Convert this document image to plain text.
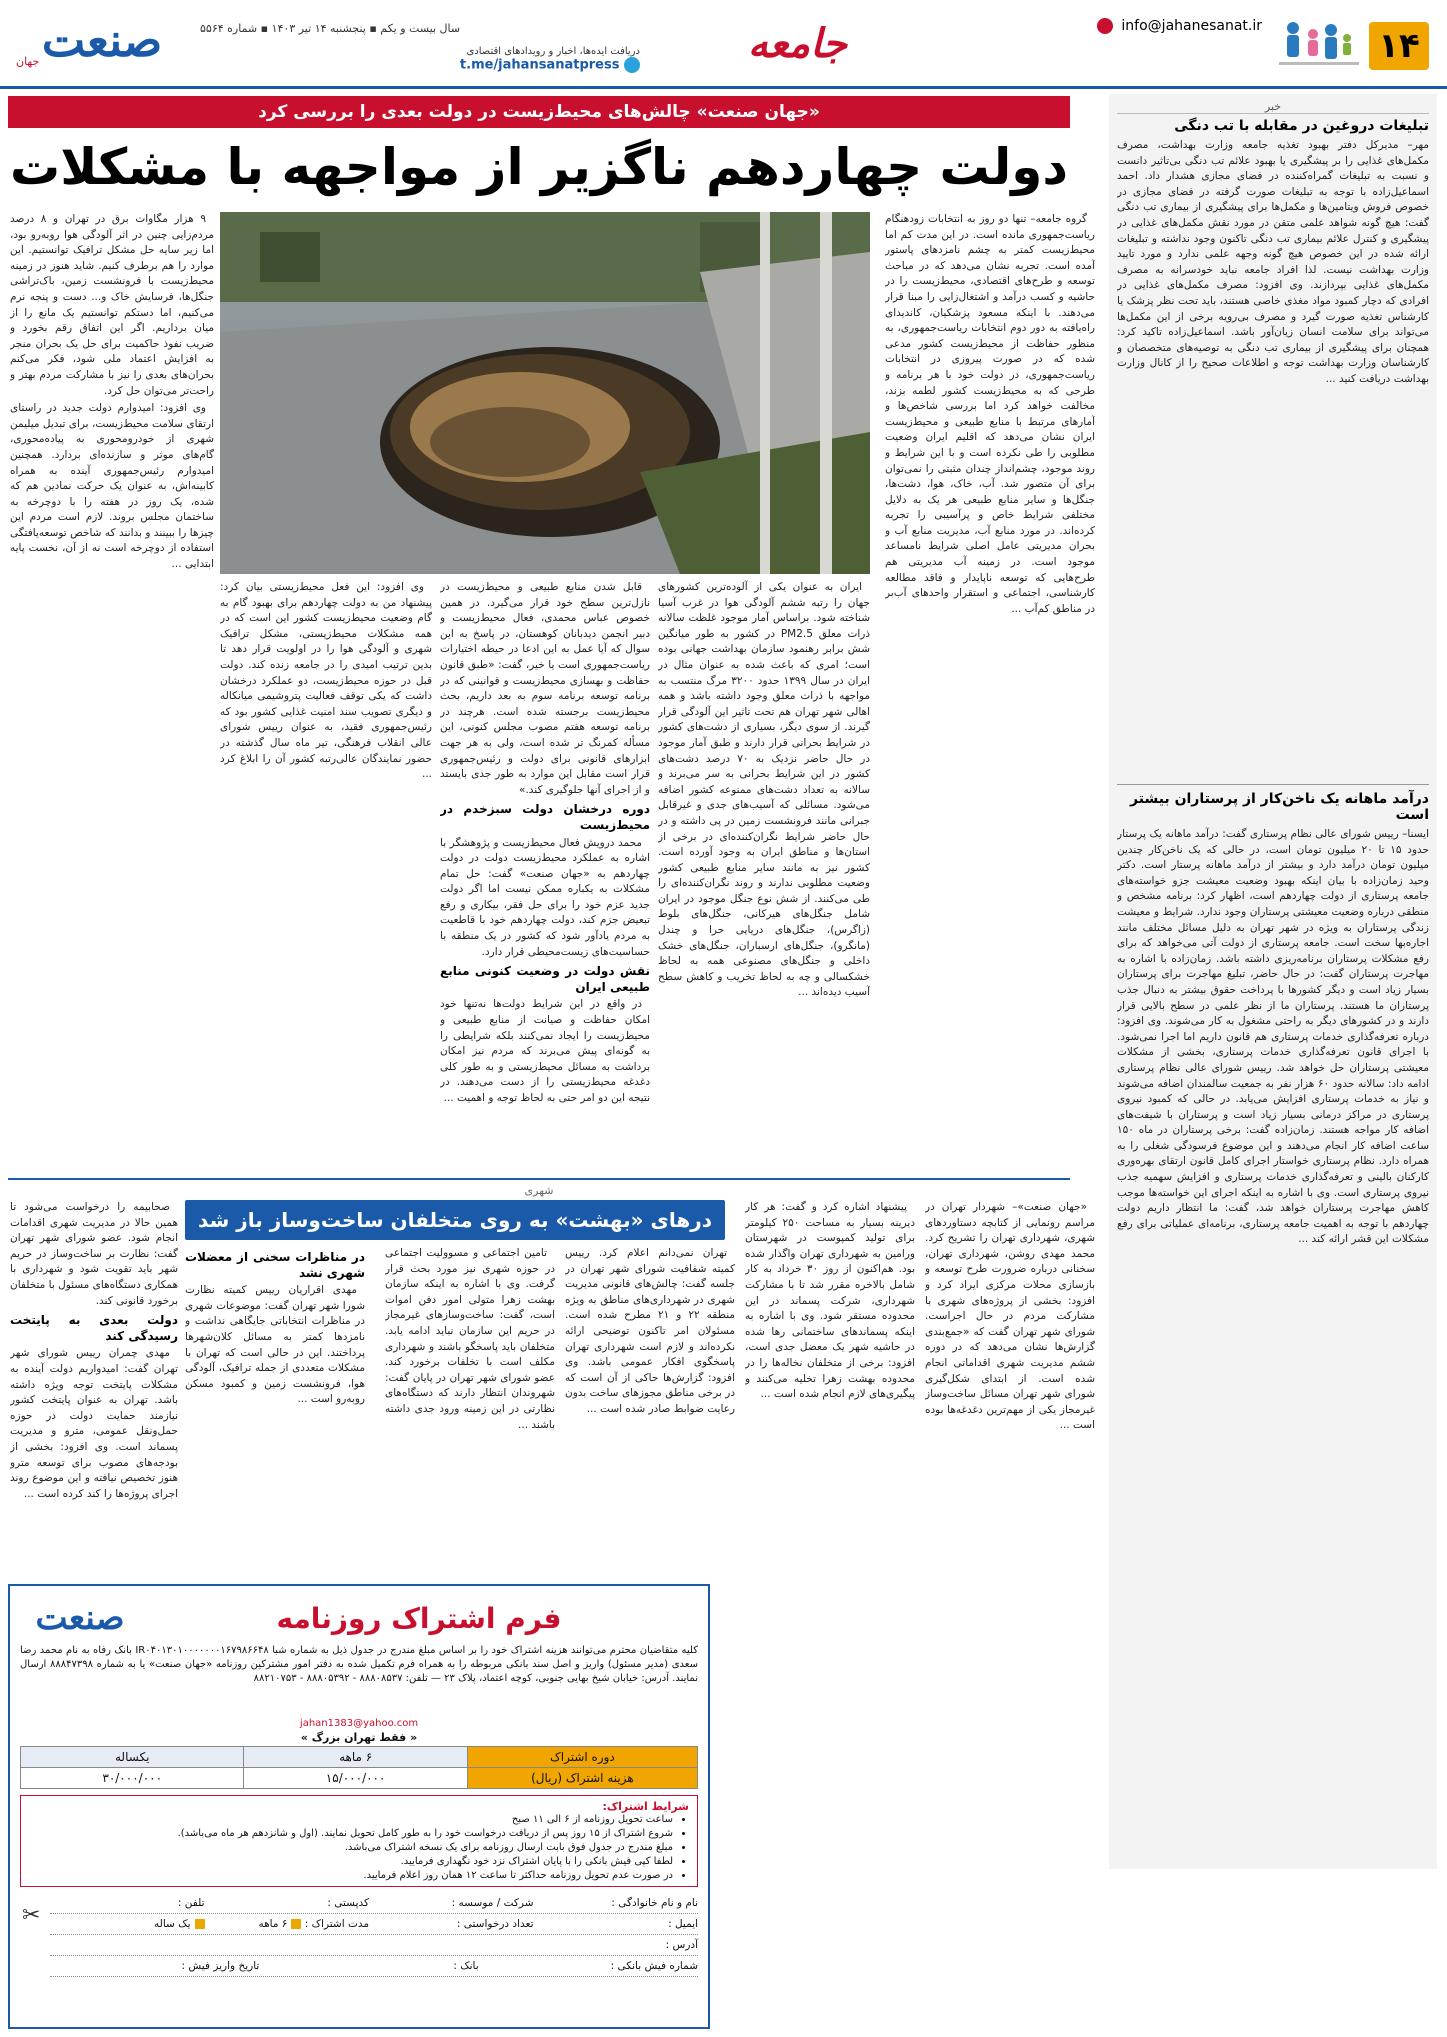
۱۴
info@jahanesanat.ir
جامعه
دریافت ایده‌ها، اخبار و رویدادهای اقتصادی
t.me/jahansanatpress
سال بیست و یکم ▪ پنجشنبه ۱۴ تیر ۱۴۰۳ ▪ شماره ۵۵۶۴
صنعت
جهان
خبر
تبلیغات دروغین در مقابله با تب دنگی
مهر– مدیرکل دفتر بهبود تغذیه جامعه وزارت بهداشت، مصرف مکمل‌های غذایی را بر پیشگیری یا بهبود علائم تب دنگی بی‌تاثیر دانست و نسبت به تبلیغات گمراه‌کننده در فضای مجازی هشدار داد. احمد اسماعیل‌زاده با توجه به تبلیغات صورت گرفته در فضای مجازی در خصوص فروش ویتامین‌ها و مکمل‌ها برای پیشگیری از بیماری تب دنگی گفت: هیچ گونه شواهد علمی متقن در مورد نقش مکمل‌های غذایی در پیشگیری و کنترل علائم بیماری تب دنگی تاکنون وجود نداشته و تبلیغات ارائه شده در این خصوص هیچ گونه وجهه علمی ندارد و مورد تایید وزارت بهداشت نیست. لذا افراد جامعه نباید خودسرانه به مصرف مکمل‌های غذایی بپردازند. وی افزود: مصرف مکمل‌های غذایی در افرادی که دچار کمبود مواد مغذی خاصی هستند، باید تحت نظر پزشک یا کارشناس تغذیه صورت گیرد و مصرف بی‌رویه برخی از این مکمل‌ها می‌تواند برای سلامت انسان زیان‌آور باشد. اسماعیل‌زاده تاکید کرد: همچنان برای پیشگیری از بیماری تب دنگی به توصیه‌های متخصصان و کارشناسان وزارت بهداشت توجه و اطلاعات صحیح را از کانال وزارت بهداشت دریافت کنید ...
درآمد ماهانه یک ناخن‌کار از پرستاران بیشتر است
ایسنا– رییس شورای عالی نظام پرستاری گفت: درآمد ماهانه یک پرستار حدود ۱۵ تا ۲۰ میلیون تومان است، در حالی که یک ناخن‌کار چندین میلیون تومان درآمد دارد و بیشتر از درآمد ماهانه پرستار است. دکتر وحید زمان‌زاده با بیان اینکه بهبود وضعیت معیشت جزو خواسته‌های جامعه پرستاری از دولت چهاردهم است، اظهار کرد: برنامه مشخص و منطقی درباره وضعیت معیشتی پرستاران وجود ندارد. شرایط و معیشت زندگی پرستاران به ویژه در شهر تهران به دلیل مسائل مختلف مانند اجاره‌بها سخت است. جامعه پرستاری از دولت آتی می‌خواهد که برای رفع مشکلات پرستاران برنامه‌ریزی داشته باشد. زمان‌زاده با اشاره به مهاجرت پرستاران گفت: در حال حاضر، تبلیغ مهاجرت برای پرستاران بسیار زیاد است و دیگر کشورها با پرداخت حقوق بیشتر به دنبال جذب پرستاران ما هستند. پرستاران ما از نظر علمی در سطح بالایی قرار دارند و در کشورهای دیگر به راحتی مشغول به کار می‌شوند. وی افزود: درباره تعرفه‌گذاری خدمات پرستاری هم قانون داریم اما اجرا نمی‌شود. با اجرای قانون تعرفه‌گذاری خدمات پرستاری، بخشی از مشکلات معیشتی پرستاران حل خواهد شد. رییس شورای عالی نظام پرستاری ادامه داد: سالانه حدود ۶۰ هزار نفر به جمعیت سالمندان اضافه می‌شوند و نیاز به خدمات پرستاری افزایش می‌یابد. در حالی که کمبود نیروی پرستاری در مراکز درمانی بسیار زیاد است و پرستاران با شیفت‌های اضافه کار مواجه هستند. زمان‌زاده گفت: برخی پرستاران در ماه ۱۵۰ ساعت اضافه کار انجام می‌دهند و این موضوع فرسودگی شغلی را به همراه دارد. نظام پرستاری خواستار اجرای کامل قانون ارتقای بهره‌وری کارکنان بالینی و تعرفه‌گذاری خدمات پرستاری و افزایش سهمیه جذب نیروی پرستاری است. وی با اشاره به اینکه اجرای این خواسته‌ها موجب کاهش مهاجرت پرستاران خواهد شد، گفت: ما انتظار داریم دولت چهاردهم با توجه به اهمیت جامعه پرستاری، برنامه‌ای عملیاتی برای رفع مشکلات این قشر ارائه کند ...
«جهان صنعت» چالش‌های محیط‌زیست در دولت بعدی را بررسی کرد
دولت چهاردهم ناگزیر از مواجهه با مشکلات

گروه جامعه– تنها دو روز به انتخابات زودهنگام ریاست‌جمهوری مانده است. در این مدت کم اما محیط‌زیست کمتر به چشم نامزدهای پاستور آمده است. تجربه نشان می‌دهد که در مباحث توسعه و طرح‌های اقتصادی، محیط‌زیست را در حاشیه و کسب درآمد و اشتغال‌زایی را مبنا قرار می‌دهند. با اینکه مسعود پزشکیان، کاندیدای راه‌یافته به دور دوم انتخابات ریاست‌جمهوری، به منظور حفاظت از محیط‌زیست کشور مدعی شده که در صورت پیروزی در انتخابات ریاست‌جمهوری، در دولت خود با هر برنامه و طرحی که به محیط‌زیست کشور لطمه بزند، مخالفت خواهد کرد اما بررسی شاخص‌ها و آمارهای مرتبط با منابع طبیعی و محیط‌زیست ایران نشان می‌دهد که اقلیم ایران وضعیت مطلوبی را طی نکرده است و با این شرایط و روند موجود، چشم‌انداز چندان مثبتی را نمی‌توان برای آن متصور شد. آب، خاک، هوا، دشت‌ها، جنگل‌ها و سایر منابع طبیعی هر یک به دلایل مختلفی شرایط خاص و پرآسیبی را تجربه کرده‌اند. در مورد منابع آب، مدیریت منابع آب و بحران مدیریتی عامل اصلی شرایط نامساعد موجود است. در زمینه آب مدیریتی هم طرح‌هایی که توسعه ناپایدار و فاقد مطالعه کارشناسی، اجتماعی و استقرار واحدهای آب‌بر در مناطق کم‌آب ...

ایران به عنوان یکی از آلوده‌ترین کشورهای جهان را رتبه ششم آلودگی هوا در غرب آسیا شناخته شود. براساس آمار موجود غلظت سالانه ذرات معلق PM2.5 در کشور به طور میانگین شش برابر رهنمود سازمان بهداشت جهانی بوده است؛ امری که باعث شده به عنوان مثال در ایران در سال ۱۳۹۹ حدود ۳۲۰۰ مرگ منتسب به مواجهه با ذرات معلق وجود داشته باشد و همه اهالی شهر تهران هم تحت تاثیر این آلودگی قرار گیرند. از سوی دیگر، بسیاری از دشت‌های کشور در شرایط بحرانی قرار دارند و طبق آمار موجود در حال حاضر نزدیک به ۷۰ درصد دشت‌های کشور در این شرایط بحرانی به سر می‌برند و سالانه به تعداد دشت‌های ممنوعه کشور اضافه می‌شود. مسائلی که آسیب‌های جدی و غیرقابل جبرانی مانند فرونشست زمین در پی داشته و در حال حاضر شرایط نگران‌کننده‌ای در برخی از استان‌ها و مناطق ایران به وجود آورده است. کشور نیز به مانند سایر منابع طبیعی کشور وضعیت مطلوبی ندارند و روند نگران‌کننده‌ای را طی می‌کنند. از شش نوع جنگل موجود در ایران شامل جنگل‌های هیرکانی، جنگل‌های بلوط (زاگرس)، جنگل‌های دریایی حرا و چندل (مانگرو)، جنگل‌های ارسباران، جنگل‌های خشک داخلی و جنگل‌های مصنوعی همه به لحاظ خشکسالی و چه به لحاظ تخریب و کاهش سطح آسیب دیده‌اند ...

قابل شدن منابع طبیعی و محیط‌زیست در نازل‌ترین سطح خود قرار می‌گیرد. در همین خصوص عباس محمدی، فعال محیط‌زیست و دبیر انجمن دیدبانان کوهستان، در پاسخ به این سوال که آیا عمل به این ادعا در حیطه اختیارات ریاست‌جمهوری است یا خیر، گفت: «طبق قانون حفاظت و بهسازی محیط‌زیست و قوانینی که در برنامه توسعه برنامه سوم به بعد داریم، بحث محیط‌زیست برجسته شده است. هرچند در برنامه توسعه هفتم مصوب مجلس کنونی، این مسأله کمرنگ تر شده است، ولی به هر جهت ابزارهای قانونی برای دولت و رئیس‌جمهوری قرار است مقابل این موارد به طور جدی بایستد و از اجرای آنها جلوگیری کند.»

دوره درخشان دولت سبزخدم در محیط‌زیست

محمد درویش فعال محیط‌زیست و پژوهشگر با اشاره به عملکرد محیط‌زیست دولت در دولت چهاردهم به «جهان صنعت» گفت: حل تمام مشکلات به یکباره ممکن نیست اما اگر دولت جدید عزم خود را برای حل فقر، بیکاری و رفع تبعیض جزم کند، دولت چهاردهم خود با قاطعیت به مردم یادآور شود که کشور در یک منطقه با حساسیت‌های زیست‌محیطی قرار دارد.

نقش دولت در وضعیت کنونی منابع طبیعی ایران

در واقع در این شرایط دولت‌ها نه‌تنها خود امکان حفاظت و صیانت از منابع طبیعی و محیط‌زیست را ایجاد نمی‌کنند بلکه شرایطی را به گونه‌ای پیش می‌برند که مردم نیز امکان برداشت به مسائل محیط‌زیستی و به طور کلی دغدغه محیط‌زیستی را از دست می‌دهند. در نتیجه این دو امر حتی به لحاظ توجه و اهمیت ...

وی افزود: این فعل محیط‌زیستی بیان کرد: پیشنهاد من به دولت چهاردهم برای بهبود گام به گام وضعیت محیط‌زیست کشور این است که در همه مشکلات محیط‌زیستی، مشکل ترافیک شهری و آلودگی هوا را در اولویت قرار دهد تا بدین ترتیب امیدی را در جامعه زنده کند. دولت قبل در حوزه محیط‌زیست، دو عملکرد درخشان داشت که یکی توقف فعالیت پتروشیمی میانکاله و دیگری تصویب سند امنیت غذایی کشور بود که رئیس‌جمهوری فقید، به عنوان رییس شورای عالی انقلاب فرهنگی، تیر ماه سال گذشته در حضور نمایندگان عالی‌رتبه کشور آن را ابلاغ کرد ...

۹ هزار مگاوات برق در تهران و ۸ درصد مردم‌زایی چنین در اثر آلودگی هوا روبه‌رو بود، اما زیر سایه حل مشکل ترافیک توانستیم. این موارد را هم برطرف کنیم. شاید هنوز در زمینه محیط‌زیست با فرونشست زمین، باک‌تراشی جنگل‌ها، فرسایش خاک و... دست و پنجه نرم می‌کنیم، اما دستکم توانستیم یک مانع را از میان برداریم. اگر این اتفاق رقم بخورد و ضریب نفوذ حاکمیت برای حل یک بحران منجر به افزایش اعتماد ملی شود، فکر می‌کنم بحران‌های بعدی را نیز با مشارکت مردم بهتر و راحت‌تر می‌توان حل کرد.

وی افزود: امیدوارم دولت جدید در راستای ارتقای سلامت محیط‌زیست، برای تبدیل میلیمن شهری از خودرومحوری به پیاده‌محوری، گام‌های موثر و سازنده‌ای بردارد. همچنین امیدوارم رئیس‌جمهوری آینده به همراه کابینه‌اش، به عنوان یک حرکت نمادین هم که شده، یک روز در هفته را با دوچرخه به ساختمان مجلس بروند. لازم است مردم این چیزها را ببینند و بدانند که شاخص توسعه‌یافتگی استفاده از دوچرخه است نه از آن، نخست پایه ابتدایی ...

شهری
درهای «بهشت» به روی متخلفان ساخت‌وساز باز شد

«جهان صنعت»– شهردار تهران در مراسم رونمایی از کتابچه دستاوردهای شهری، شهرداری تهران را تشریح کرد. محمد مهدی روشن، شهرداری تهران، سخنانی درباره ضرورت طرح توسعه و بازسازی محلات مرکزی ایراد کرد و افزود: بخشی از پروژه‌های شهری با مشارکت مردم در حال اجراست. شورای شهر تهران گفت که «جمع‌بندی گزارش‌ها نشان می‌دهد که در دوره ششم مدیریت شهری اقداماتی انجام شده است. از ابتدای شکل‌گیری شورای شهر تهران مسائل ساخت‌وساز غیرمجاز یکی از مهم‌ترین دغدغه‌ها بوده است ...

پیشنهاد اشاره کرد و گفت: هر کار دیرینه بسیار به مساحت ۲۵۰ کیلومتر برای تولید کمپوست در شهرستان ورامین به شهرداری تهران واگذار شده بود. هم‌اکنون از روز ۳۰ خرداد به کار شامل بالاخره مقرر شد تا با مشارکت شهرداری، شرکت پسماند در این محدوده مستقر شود. وی با اشاره به اینکه پسماندهای ساختمانی رها شده در حاشیه شهر یک معضل جدی است، افزود: برخی از متخلفان نخاله‌ها را در محدوده بهشت زهرا تخلیه می‌کنند و پیگیری‌های لازم انجام شده است ...

تهران نمی‌دانم اعلام کرد. رییس کمیته شفافیت شورای شهر تهران در جلسه گفت: چالش‌های قانونی مدیریت شهری در شهرداری‌های مناطق به ویژه منطقه ۲۲ و ۲۱ مطرح شده است. مسئولان امر تاکنون توضیحی ارائه نکرده‌اند و لازم است شهرداری تهران پاسخگوی افکار عمومی باشد. وی افزود: گزارش‌ها حاکی از آن است که در برخی مناطق مجوزهای ساخت بدون رعایت ضوابط صادر شده است ...

تامین اجتماعی و مسوولیت اجتماعی در حوزه شهری نیز مورد بحث قرار گرفت. وی با اشاره به اینکه سازمان بهشت زهرا متولی امور دفن اموات است، گفت: ساخت‌وسازهای غیرمجاز در حریم این سازمان نباید ادامه یابد. متخلفان باید پاسخگو باشند و شهرداری مکلف است با تخلفات برخورد کند. عضو شورای شهر تهران در پایان گفت: شهروندان انتظار دارند که دستگاه‌های نظارتی در این زمینه ورود جدی داشته باشند ...

در مناظرات سخنی از معضلات شهری نشد

مهدی اقراریان رییس کمیته نظارت شورا شهر تهران گفت: موضوعات شهری در مناظرات انتخاباتی جایگاهی نداشت و نامزدها کمتر به مسائل کلان‌شهرها پرداختند. این در حالی است که تهران با مشکلات متعددی از جمله ترافیک، آلودگی هوا، فرونشست زمین و کمبود مسکن روبه‌رو است ...

صحابیمه را درخواست می‌شود تا همین حالا در مدیریت شهری اقدامات انجام شود. عضو شورای شهر تهران گفت: نظارت بر ساخت‌وساز در حریم شهر باید تقویت شود و شهرداری با همکاری دستگاه‌های مسئول با متخلفان برخورد قانونی کند.

دولت بعدی به پایتخت رسیدگی کند

مهدی چمران رییس شورای شهر تهران گفت: امیدواریم دولت آینده به مشکلات پایتخت توجه ویژه داشته باشد. تهران به عنوان پایتخت کشور نیازمند حمایت دولت در حوزه حمل‌ونقل عمومی، مترو و مدیریت پسماند است. وی افزود: بخشی از بودجه‌های مصوب برای توسعه مترو هنوز تخصیص نیافته و این موضوع روند اجرای پروژه‌ها را کند کرده است ...

فرم اشتراک روزنامه
صنعت
کلیه متقاضیان محترم می‌توانند هزینه اشتراک خود را بر اساس مبلغ مندرج در جدول ذیل به شماره شبا IR۰۴۰۱۳۰۱۰۰۰۰۰۰۰۱۶۷۹۸۶۶۴۸ بانک رفاه به نام محمد رضا سعدی (مدیر مسئول) واریز و اصل سند بانکی مربوطه را به همراه فرم تکمیل شده به دفتر امور مشترکین روزنامه «جهان صنعت» یا به شماره ۸۸۸۴۷۳۹۸ ارسال نمایند. آدرس: خیابان شیخ بهایی جنوبی، کوچه اعتماد، پلاک ۲۳ — تلفن: ۸۸۸۰۸۵۳۷ - ۸۸۸۰۵۳۹۲ - ۸۸۲۱۰۷۵۳
jahan1383@yahoo.com
« فقط تهران بزرگ »
دوره اشتراک	۶ ماهه	یکساله
هزینه اشتراک (ریال)	۱۵/۰۰۰/۰۰۰	۳۰/۰۰۰/۰۰۰
شرایط اشتراک:
• ساعت تحویل روزنامه از ۶ الی ۱۱ صبح
• شروع اشتراک از ۱۵ روز پس از دریافت درخواست خود را به طور کامل تحویل نمایند. (اول و شانزدهم هر ماه می‌باشد).
• مبلغ مندرج در جدول فوق بابت ارسال روزنامه برای یک نسخه اشتراک می‌باشد.
• لطفا کپی فیش بانکی را با پایان اشتراک نزد خود نگهداری فرمایید.
• در صورت عدم تحویل روزنامه حداکثر تا ساعت ۱۲ همان روز اعلام فرمایید.
نام و نام خانوادگی :
شرکت / موسسه :
کدپستی :
تلفن :
ایمیل :
تعداد درخواستی :
مدت اشتراک : ۶ ماهه
یک ساله
آدرس :
شماره فیش بانکی :
بانک :
تاریخ واریز فیش :
✂
